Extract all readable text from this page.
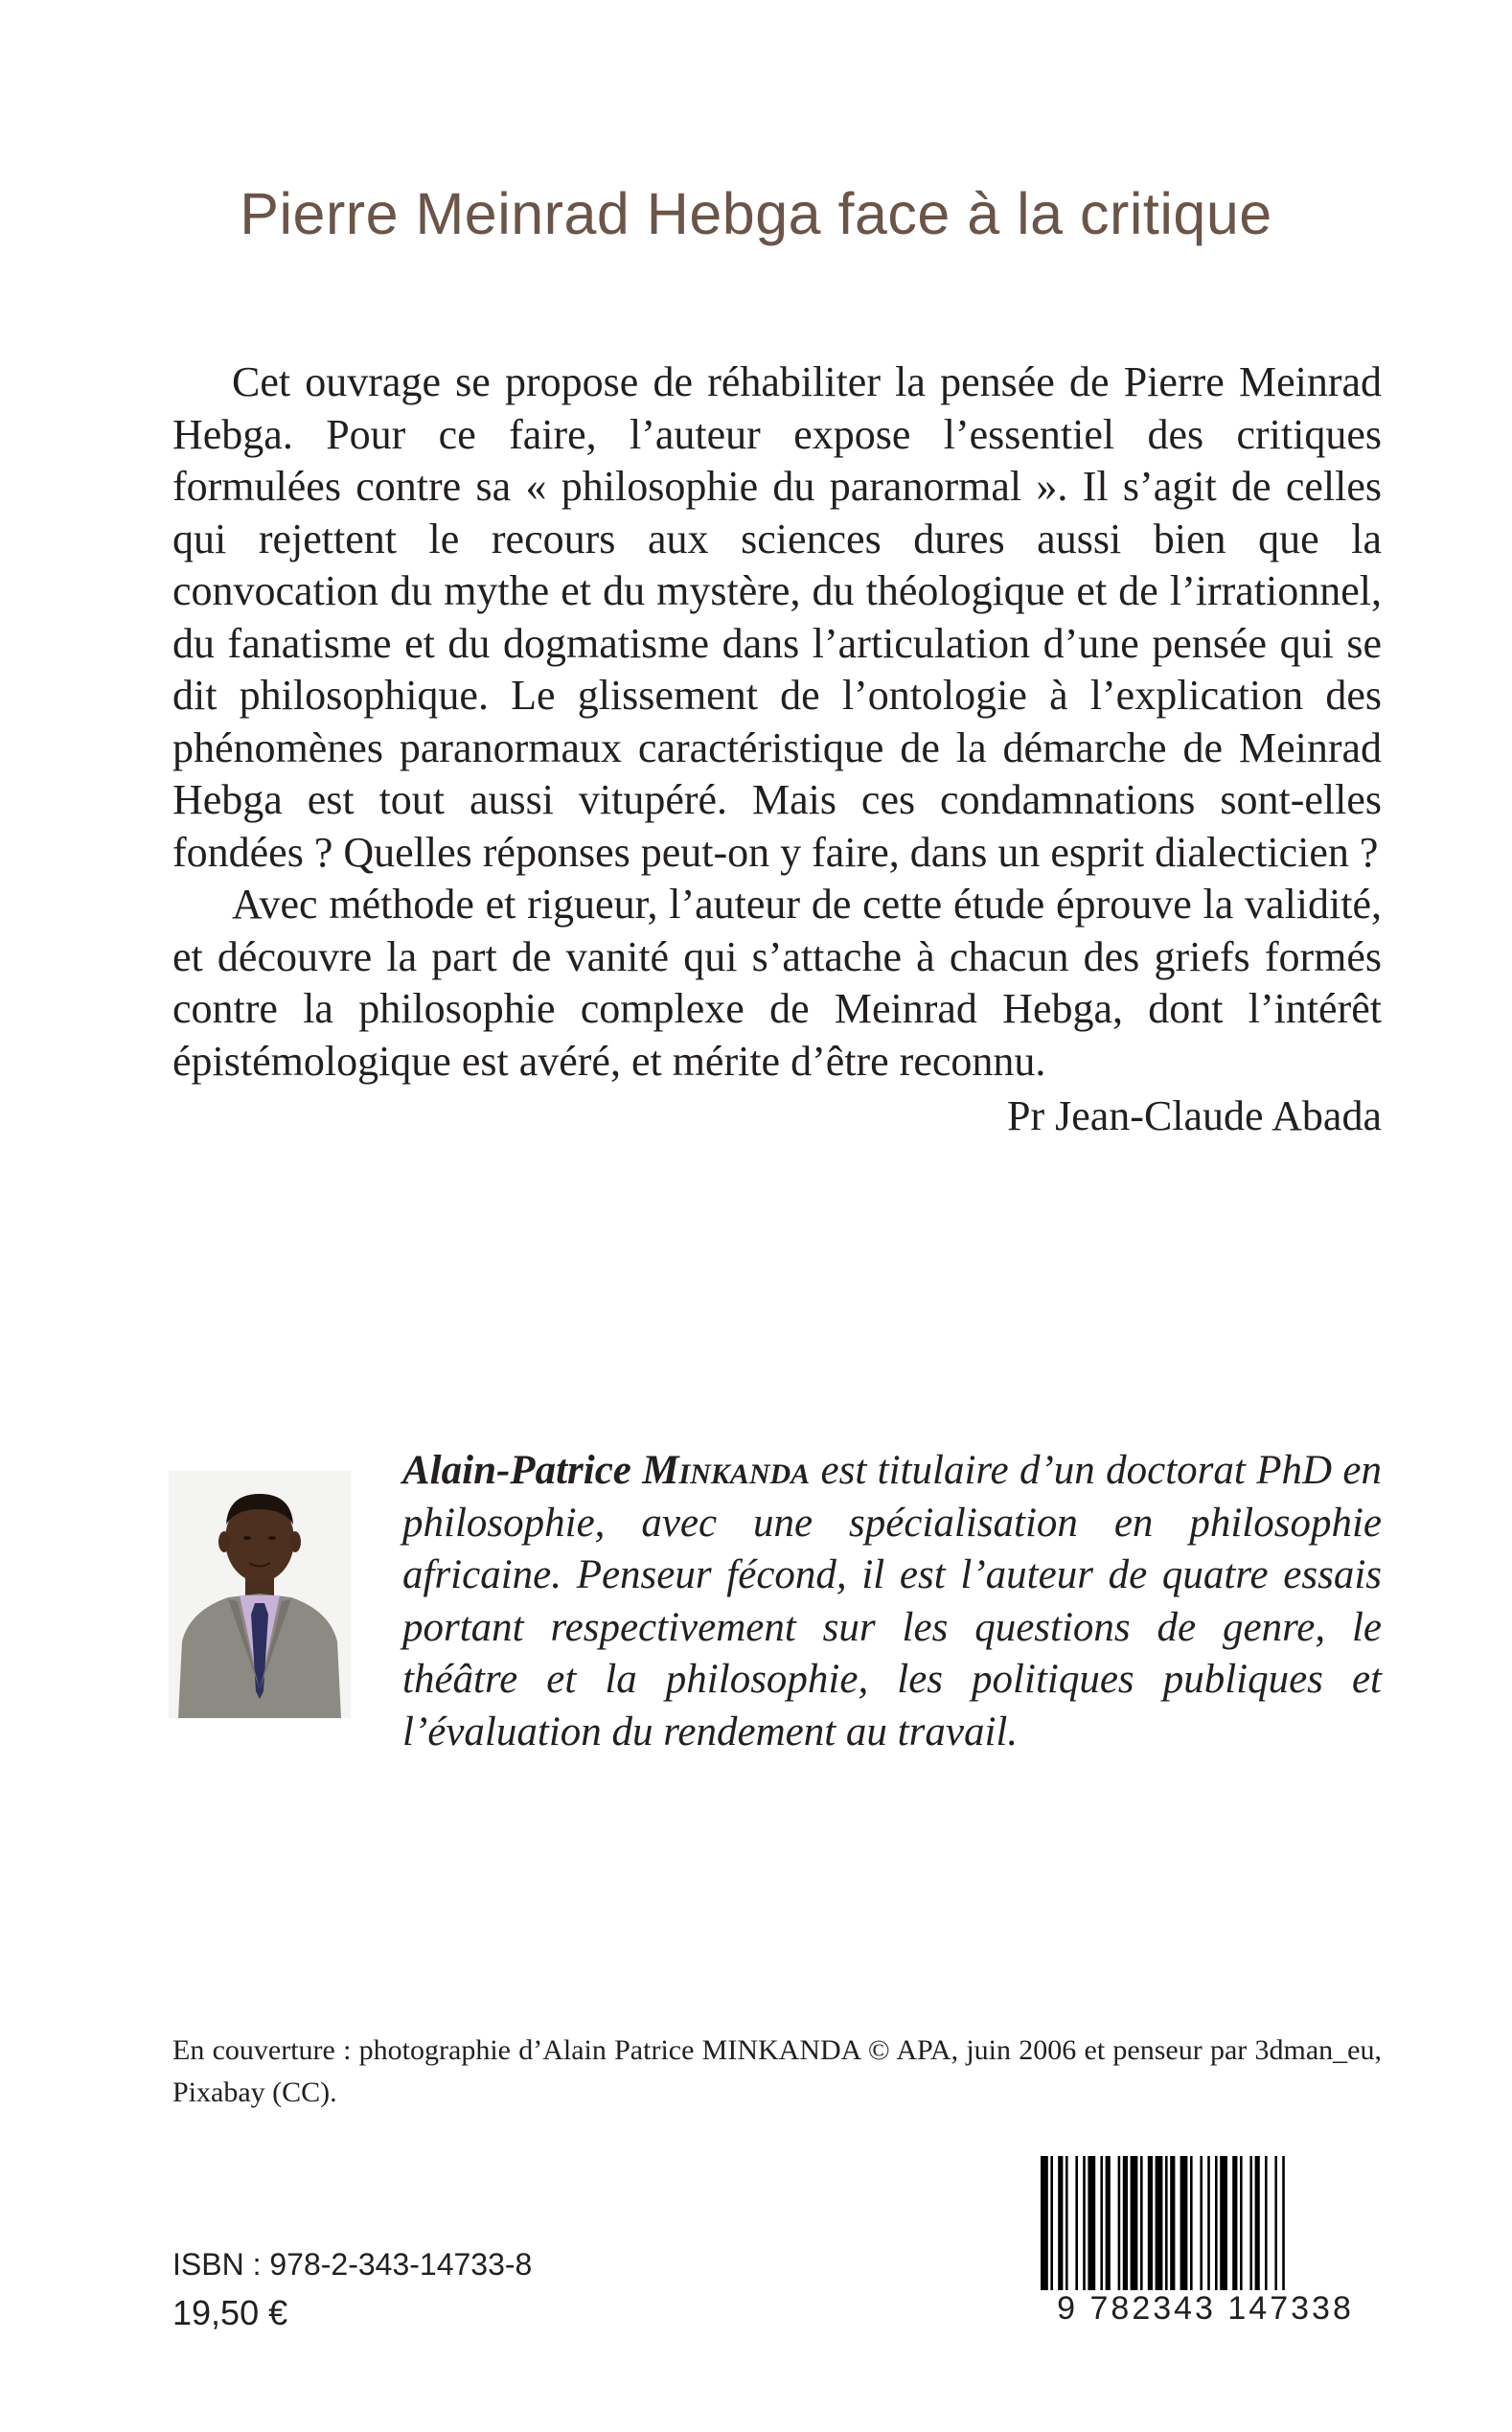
Pierre Meinrad Hebga face à la critique

Cet ouvrage se propose de réhabiliter la pensée de Pierre Meinrad Hebga. Pour ce faire, l’auteur expose l’essentiel des critiques formulées contre sa « philosophie du paranormal ». Il s’agit de celles qui rejettent le recours aux sciences dures aussi bien que la convocation du mythe et du mystère, du théologique et de l’irrationnel, du fanatisme et du dogmatisme dans l’articulation d’une pensée qui se dit philosophique. Le glissement de l’ontologie à l’explication des phénomènes paranormaux caractéristique de la démarche de Meinrad Hebga est tout aussi vitupéré. Mais ces condamnations sont-elles fondées ? Quelles réponses peut-on y faire, dans un esprit dialecticien ?

Avec méthode et rigueur, l’auteur de cette étude éprouve la validité, et découvre la part de vanité qui s’attache à chacun des griefs formés contre la philosophie complexe de Meinrad Hebga, dont l’intérêt épistémologique est avéré, et mérite d’être reconnu.

Pr Jean-Claude Abada
Alain-Patrice Minkanda est titulaire d’un doctorat PhD en philosophie, avec une spécialisation en philosophie africaine. Penseur fécond, il est l’auteur de quatre essais portant respectivement sur les questions de genre, le théâtre et la philosophie, les politiques publiques et l’évaluation du rendement au travail.
En couverture : photographie d’Alain Patrice MINKANDA © APA, juin 2006 et penseur par 3dman_eu, Pixabay (CC).
ISBN : 978-2-343-14733-8
19,50 €	9 782343 147338
